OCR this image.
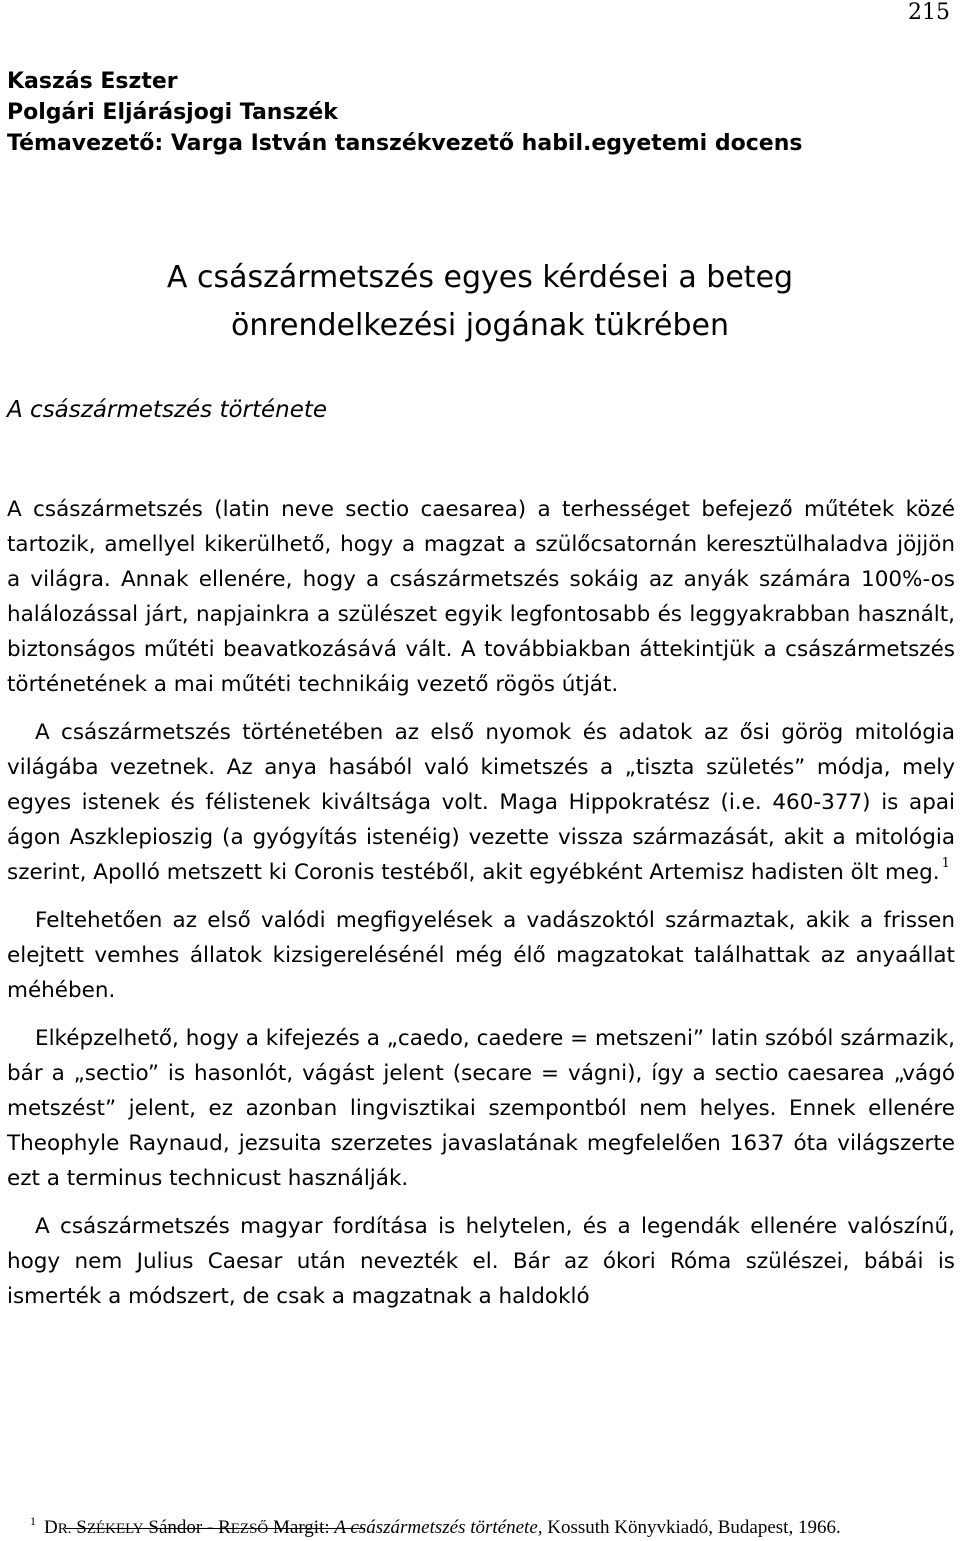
215
Kaszás Eszter
Polgári Eljárásjogi Tanszék
Témavezető: Varga István tanszékvezető habil.egyetemi docens
A császármetszés egyes kérdései a beteg
önrendelkezési jogának tükrében
A császármetszés története

A császármetszés (latin neve sectio caesarea) a terhességet befejező műtétek közé tartozik, amellyel kikerülhető, hogy a magzat a szülőcsatornán keresztülhaladva jöjjön a világra. Annak ellenére, hogy a császármetszés sokáig az anyák számára 100%-os halálozással járt, napjainkra a szülészet egyik legfontosabb és leggyakrabban használt, biztonságos műtéti beavatkozásává vált. A továbbiakban áttekintjük a császármetszés történetének a mai műtéti technikáig vezető rögös útját.

A császármetszés történetében az első nyomok és adatok az ősi görög mitológia világába vezetnek. Az anya hasából való kimetszés a „tiszta születés” módja, mely egyes istenek és félistenek kiváltsága volt. Maga Hippokratész (i.e. 460-377) is apai ágon Aszklepioszig (a gyógyítás istenéig) vezette vissza származását, akit a mitológia szerint, Apolló metszett ki Coronis testéből, akit egyébként Artemisz hadisten ölt meg. $^1$

Feltehetően az első valódi megfigyelések a vadászoktól származtak, akik a frissen elejtett vemhes állatok kizsigerelésénél még élő magzatokat találhattak az anyaállat méhében.

Elképzelhető, hogy a kifejezés a „caedo, caedere = metszeni” latin szóból származik, bár a „sectio” is hasonlót, vágást jelent (secare = vágni), így a sectio caesarea „vágó metszést” jelent, ez azonban lingvisztikai szempontból nem helyes. Ennek ellenére Theophyle Raynaud, jezsuita szerzetes javaslatának megfelelően 1637 óta világszerte ezt a terminus technicust használják.

A császármetszés magyar fordítása is helytelen, és a legendák ellenére valószínű, hogy nem Julius Caesar után nevezték el. Bár az ókori Róma szülészei, bábái is ismerték a módszert, de csak a magzatnak a haldokló

$^1$ DR. SZÉKELY Sándor - REZSŐ Margit: A császármetszés története, Kossuth Könyvkiadó, Budapest, 1966.
